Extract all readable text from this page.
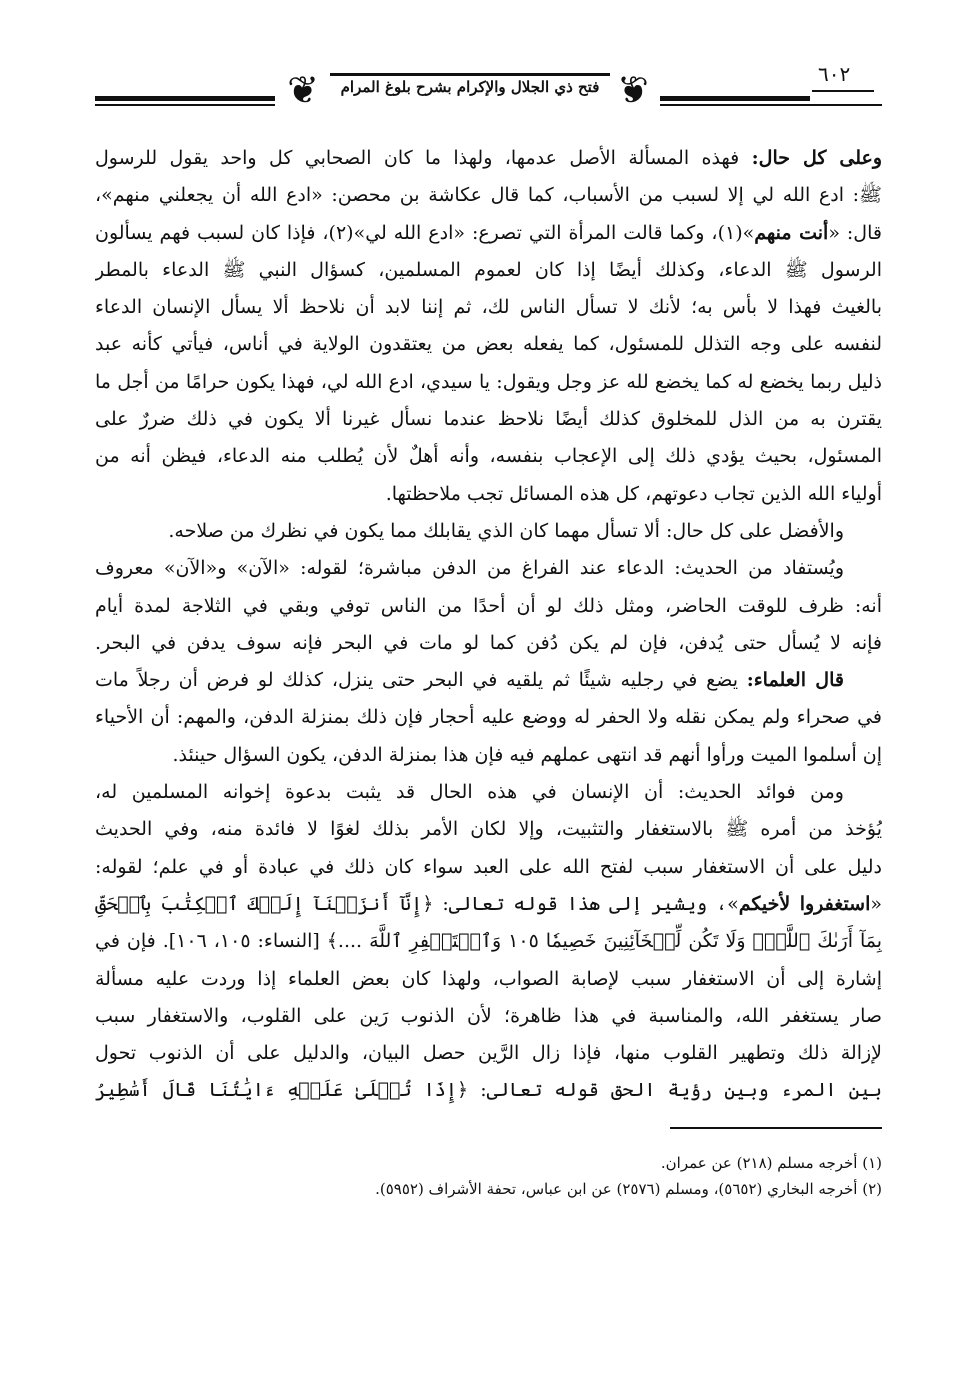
٦٠٢
❦	❦
فتح ذي الجلال والإكرام بشرح بلوغ المرام
وعلى كل حال: فهذه المسألة الأصل عدمها، ولهذا ما كان الصحابي كل واحد يقول للرسول
ﷺ: ادع الله لي إلا لسبب من الأسباب، كما قال عكاشة بن محصن: «ادع الله أن يجعلني منهم»،
قال: «أنت منهم»(١)، وكما قالت المرأة التي تصرع: «ادع الله لي»(٢)، فإذا كان لسبب فهم يسألون
الرسول ﷺ الدعاء، وكذلك أيضًا إذا كان لعموم المسلمين، كسؤال النبي ﷺ الدعاء بالمطر
بالغيث فهذا لا بأس به؛ لأنك لا تسأل الناس لك، ثم إننا لابد أن نلاحظ ألا يسأل الإنسان الدعاء
لنفسه على وجه التذلل للمسئول، كما يفعله بعض من يعتقدون الولاية في أناس، فيأتي كأنه عبد
ذليل ربما يخضع له كما يخضع لله عز وجل ويقول: يا سيدي، ادع الله لي، فهذا يكون حرامًا من أجل ما
يقترن به من الذل للمخلوق كذلك أيضًا نلاحظ عندما نسأل غيرنا ألا يكون في ذلك ضررٌ على
المسئول، بحيث يؤدي ذلك إلى الإعجاب بنفسه، وأنه أهلٌ لأن يُطلب منه الدعاء، فيظن أنه من
أولياء الله الذين تجاب دعوتهم، كل هذه المسائل تجب ملاحظتها.
والأفضل على كل حال: ألا تسأل مهما كان الذي يقابلك مما يكون في نظرك من صلاحه.
ويُستفاد من الحديث: الدعاء عند الفراغ من الدفن مباشرة؛ لقوله: «الآن» و«الآن» معروف
أنه: ظرف للوقت الحاضر، ومثل ذلك لو أن أحدًا من الناس توفي وبقي في الثلاجة لمدة أيام
فإنه لا يُسأل حتى يُدفن، فإن لم يكن دُفن كما لو مات في البحر فإنه سوف يدفن في البحر.
قال العلماء: يضع في رجليه شيئًا ثم يلقيه في البحر حتى ينزل، كذلك لو فرض أن رجلاً مات
في صحراء ولم يمكن نقله ولا الحفر له ووضع عليه أحجار فإن ذلك بمنزلة الدفن، والمهم: أن الأحياء
إن أسلموا الميت ورأوا أنهم قد انتهى عملهم فيه فإن هذا بمنزلة الدفن، يكون السؤال حينئذ.
ومن فوائد الحديث: أن الإنسان في هذه الحال قد يثبت بدعوة إخوانه المسلمين له،
يُؤخذ من أمره ﷺ بالاستغفار والتثبيت، وإلا لكان الأمر بذلك لغوًا لا فائدة منه، وفي الحديث
دليل على أن الاستغفار سبب لفتح الله على العبد سواء كان ذلك في عبادة أو في علم؛ لقوله:
«استغفروا لأخيكم»، ويشير إلى هذا قوله تعالى: ﴿إِنَّآ أَنزَلۡنَآ إِلَيۡكَ ٱلۡكِتَٰبَ بِٱلۡحَقِّ
بِمَآ أَرَىٰكَ ٱللَّهُۚ وَلَا تَكُن لِّلۡخَآئِنِينَ خَصِيمٗا ١٠٥ وَٱسۡتَغۡفِرِ ٱللَّهَ ....﴾ [النساء: ١٠٥، ١٠٦]. فإن في
إشارة إلى أن الاستغفار سبب لإصابة الصواب، ولهذا كان بعض العلماء إذا وردت عليه مسألة
صار يستغفر الله، والمناسبة في هذا ظاهرة؛ لأن الذنوب رَين على القلوب، والاستغفار سبب
لإزالة ذلك وتطهير القلوب منها، فإذا زال الرَّين حصل البيان، والدليل على أن الذنوب تحول
بين المرء وبين رؤية الحق قوله تعالى: ﴿إِذَا تُتۡلَىٰ عَلَيۡهِ ءَايَٰتُنَا قَالَ أَسَٰطِيرُ
(١) أخرجه مسلم (٢١٨) عن عمران.
(٢) أخرجه البخاري (٥٦٥٢)، ومسلم (٢٥٧٦) عن ابن عباس، تحفة الأشراف (٥٩٥٢).
